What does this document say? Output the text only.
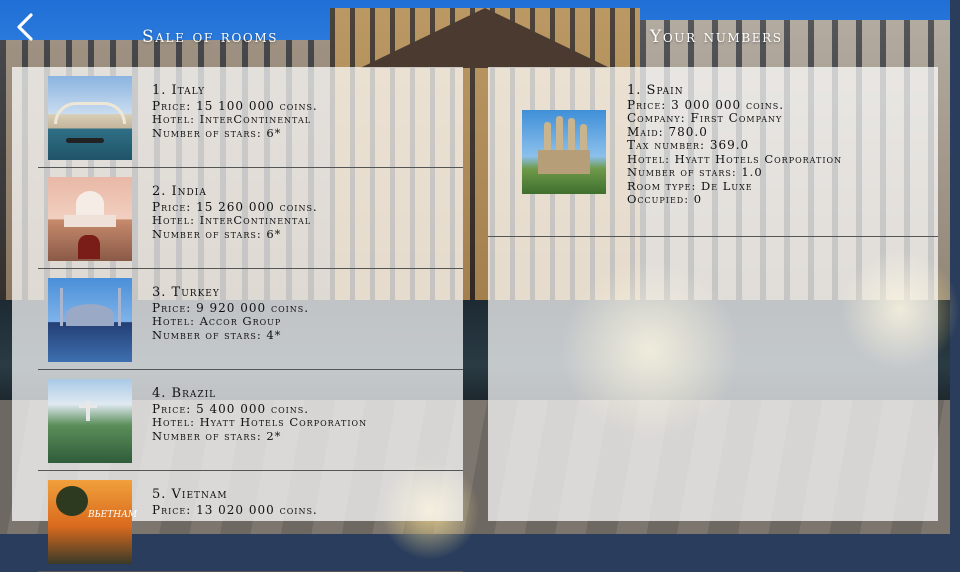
Sale of rooms	Your numbers
1. Italy
Price: 15 100 000 coins.
Hotel: InterContinental
Number of stars: 6*
2. India
Price: 15 260 000 coins.
Hotel: InterContinental
Number of stars: 6*
3. Turkey
Price: 9 920 000 coins.
Hotel: Accor Group
Number of stars: 4*
4. Brazil
Price: 5 400 000 coins.
Hotel: Hyatt Hotels Corporation
Number of stars: 2*
ВЬЕТНАМ
5. Vietnam
Price: 13 020 000 coins.
1. Spain
Price: 3 000 000 coins.
Company: First Company
Maid: 780.0
Tax number: 369.0
Hotel: Hyatt Hotels Corporation
Number of stars: 1.0
Room type: De Luxe
Occupied: 0
